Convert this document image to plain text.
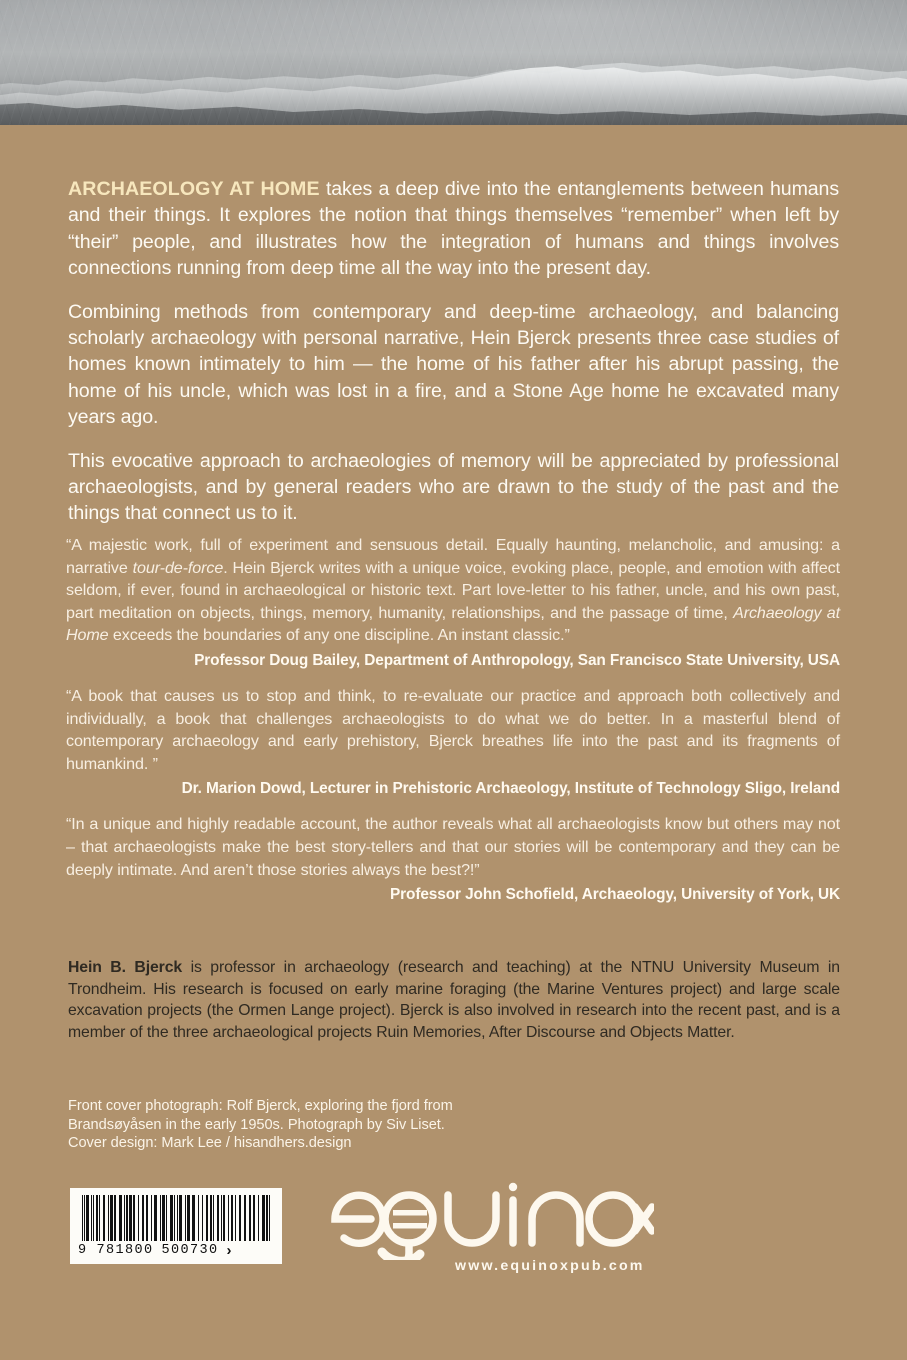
ARCHAEOLOGY AT HOME takes a deep dive into the entanglements between humans and their things. It explores the notion that things themselves “remember” when left by “their” people, and illustrates how the integration of humans and things involves connections running from deep time all the way into the present day.

Combining methods from contemporary and deep-time archaeology, and balancing scholarly archaeology with personal narrative, Hein Bjerck presents three case studies of homes known intimately to him — the home of his father after his abrupt passing, the home of his uncle, which was lost in a fire, and a Stone Age home he excavated many years ago.

This evocative approach to archaeologies of memory will be appreciated by professional archaeologists, and by general readers who are drawn to the study of the past and the things that connect us to it.

“A majestic work, full of experiment and sensuous detail. Equally haunting, melancholic, and amusing: a narrative tour-de-force. Hein Bjerck writes with a unique voice, evoking place, people, and emotion with affect seldom, if ever, found in archaeological or historic text. Part love-letter to his father, uncle, and his own past, part meditation on objects, things, memory, humanity, relationships, and the passage of time, Archaeology at Home exceeds the boundaries of any one discipline. An instant classic.”

Professor Doug Bailey, Department of Anthropology, San Francisco State University, USA

“A book that causes us to stop and think, to re-evaluate our practice and approach both collectively and individually, a book that challenges archaeologists to do what we do better. In a masterful blend of contemporary archaeology and early prehistory, Bjerck breathes life into the past and its fragments of humankind. ”

Dr. Marion Dowd, Lecturer in Prehistoric Archaeology, Institute of Technology Sligo, Ireland

“In a unique and highly readable account, the author reveals what all archaeologists know but others may not – that archaeologists make the best story-tellers and that our stories will be contemporary and they can be deeply intimate. And aren’t those stories always the best?!”

Professor John Schofield, Archaeology, University of York, UK

Hein B. Bjerck is professor in archaeology (research and teaching) at the NTNU University Museum in Trondheim. His research is focused on early marine foraging (the Marine Ventures project) and large scale excavation projects (the Ormen Lange project). Bjerck is also involved in research into the recent past, and is a member of the three archaeological projects Ruin Memories, After Discourse and Objects Matter.

Front cover photograph: Rolf Bjerck, exploring the fjord from
Brandsøyåsen in the early 1950s. Photograph by Siv Liset.
Cover design: Mark Lee / hisandhers.design
9 781800 500730 ›
www.equinoxpub.com
